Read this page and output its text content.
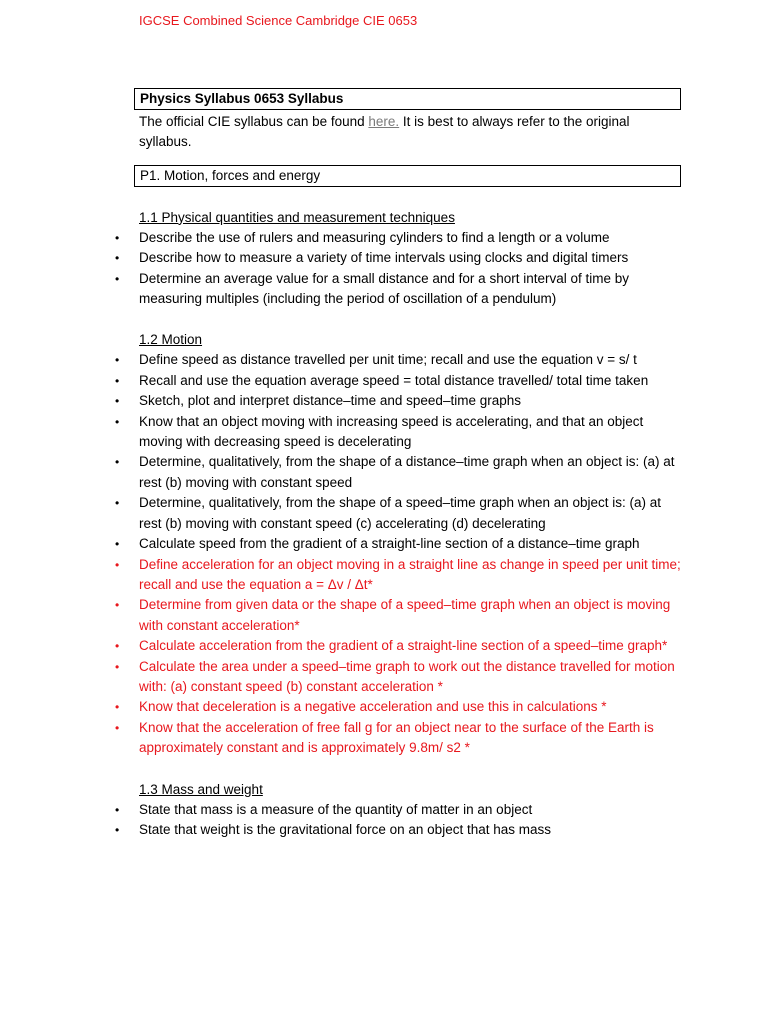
IGCSE Combined Science Cambridge CIE 0653
Physics Syllabus 0653 Syllabus
The official CIE syllabus can be found here. It is best to always refer to the original syllabus.
P1. Motion, forces and energy
1.1 Physical quantities and measurement techniques
• Describe the use of rulers and measuring cylinders to find a length or a volume
• Describe how to measure a variety of time intervals using clocks and digital timers
• Determine an average value for a small distance and for a short interval of time by measuring multiples (including the period of oscillation of a pendulum)
1.2 Motion
• Define speed as distance travelled per unit time; recall and use the equation v = s/ t
• Recall and use the equation average speed = total distance travelled/ total time taken
• Sketch, plot and interpret distance–time and speed–time graphs
• Know that an object moving with increasing speed is accelerating, and that an object moving with decreasing speed is decelerating
• Determine, qualitatively, from the shape of a distance–time graph when an object is: (a) at rest (b) moving with constant speed
• Determine, qualitatively, from the shape of a speed–time graph when an object is: (a) at rest (b) moving with constant speed (c) accelerating (d) decelerating
• Calculate speed from the gradient of a straight-line section of a distance–time graph
• Define acceleration for an object moving in a straight line as change in speed per unit time; recall and use the equation a = Δv / Δt*
• Determine from given data or the shape of a speed–time graph when an object is moving with constant acceleration*
• Calculate acceleration from the gradient of a straight-line section of a speed–time graph*
• Calculate the area under a speed–time graph to work out the distance travelled for motion with: (a) constant speed (b) constant acceleration *
• Know that deceleration is a negative acceleration and use this in calculations *
• Know that the acceleration of free fall g for an object near to the surface of the Earth is approximately constant and is approximately 9.8m/ s2 *
1.3 Mass and weight
• State that mass is a measure of the quantity of matter in an object
• State that weight is the gravitational force on an object that has mass
